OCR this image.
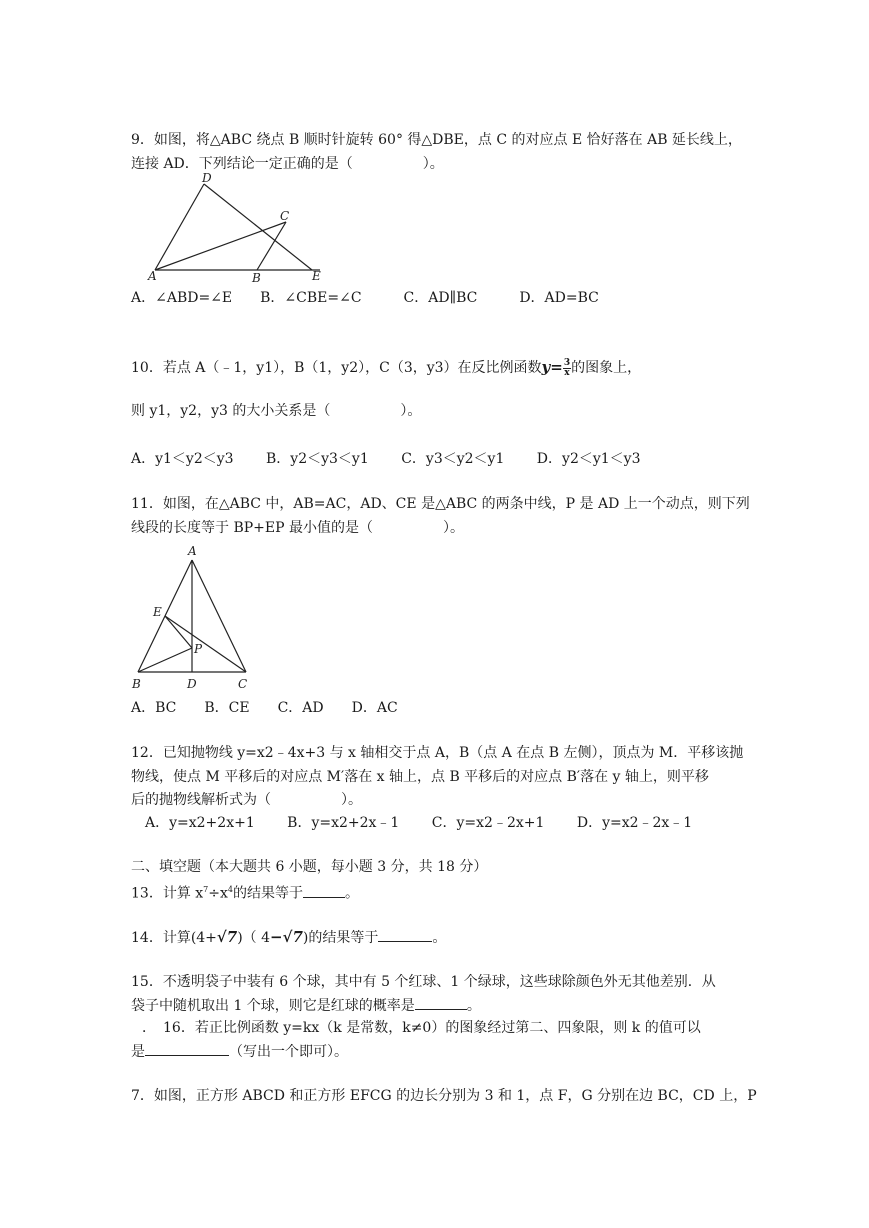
9．如图，将△ABC 绕点 B 顺时针旋转 60° 得△DBE，点 C 的对应点 E 恰好落在 AB 延长线上，
连接 AD．下列结论一定正确的是（　　　　　）。
D
C
A	B	E
A．∠ABD=∠E　　B．∠CBE=∠C　　　C．AD∥BC　　　D．AD=BC
10．若点 A（﹣1，y1），B（1，y2），C（3，y3）在反比例函数$y= \frac{3}{x}$ 的图象上，
则 y1，y2，y3 的大小关系是（　　　　　）。
A．y1＜y2＜y3　　 B．y2＜y3＜y1　　 C．y3＜y2＜y1　　 D．y2＜y1＜y3
11．如图，在△ABC 中，AB=AC，AD、CE 是△ABC 的两条中线，P 是 AD 上一个动点，则下列
线段的长度等于 BP+EP 最小值的是（　　　　　）。
A
E
P
B	D	C
A．BC　　B．CE　　C．AD　　D．AC
12．已知抛物线 y=x2﹣4x+3 与 x 轴相交于点 A，B（点 A 在点 B 左侧），顶点为 M．平移该抛
物线，使点 M 平移后的对应点 M′落在 x 轴上，点 B 平移后的对应点 B′落在 y 轴上，则平移
后的抛物线解析式为（　　　　　）。
　A．y=x2+2x+1　　 B．y=x2+2x﹣1　　 C．y=x2﹣2x+1　　 D．y=x2﹣2x﹣1
二、填空题（本大题共 6 小题，每小题 3 分，共 18 分）
13．计算 $x^7\div x^4$的结果等于	。
14．计算(4+√7)（ 4−√7)的结果等于	。
15．不透明袋子中装有 6 个球，其中有 5 个红球、1 个绿球，这些球除颜色外无其他差别．从
袋子中随机取出 1 个球，则它是红球的概率是	。
．　16．若正比例函数 y=kx（k 是常数，k≠0）的图象经过第二、四象限，则 k 的值可以
是	（写出一个即可）。
7．如图，正方形 ABCD 和正方形 EFCG 的边长分别为 3 和 1，点 F，G 分别在边 BC，CD 上，P
